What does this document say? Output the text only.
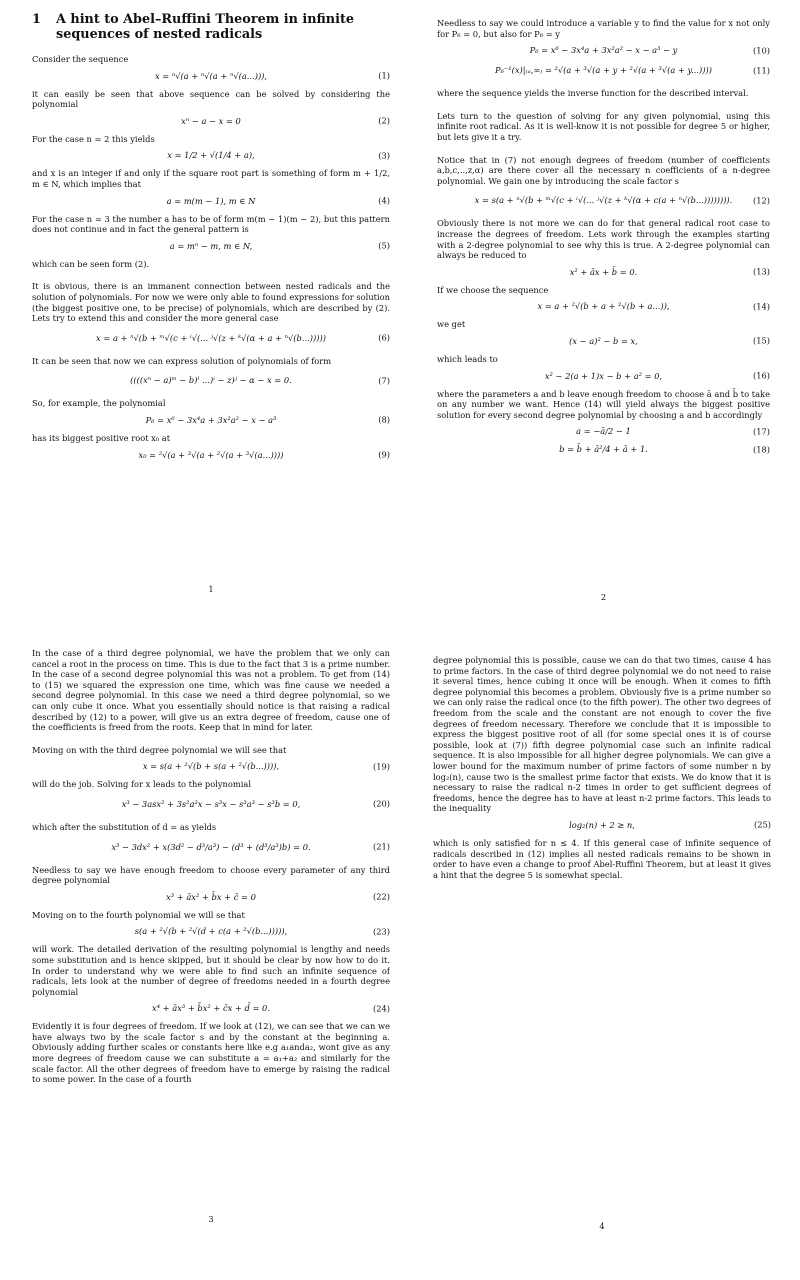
1	A hint to Abel–Ruffini Theorem in infinite sequences of nested radicals

Consider the sequence

x = ⁿ√(a + ⁿ√(a + ⁿ√(a...))),	(1)

it can easily be seen that above sequence can be solved by considering the polynomial

xⁿ − a − x = 0	(2)

For the case n = 2 this yields

x = 1/2 + √(1/4 + a),	(3)

and x is an integer if and only if the square root part is something of form m + 1/2, m ∈ N, which implies that

a = m(m − 1), m ∈ N	(4)

For the case n = 3 the number a has to be of form m(m − 1)(m − 2), but this pattern does not continue and in fact the general pattern is

a = mⁿ − m, m ∈ N,	(5)

which can be seen form (2).

It is obvious, there is an immanent connection between nested radicals and the solution of polynomials. For now we were only able to found expressions for solution (the biggest positive one, to be precise) of polynomials, which are described by (2). Lets try to extend this and consider the more general case

x = a + ⁿ√(b + ᵐ√(c + ⁱ√(... ʲ√(z + ᵏ√(α + a + ⁿ√(b...)))))	(6)

It can be seen that now we can express solution of polynomials of form

((((xⁿ − a)ᵐ − b)ˡ ...)ⁱ − z)ʲ − α − x = 0.	(7)

So, for example, the polynomial

P₆ = x⁶ − 3x⁴a + 3x²a² − x − a³	(8)

has its biggest positive root x₀ at

x₀ = ²√(a + ³√(a + ²√(a + ³√(a...))))	(9)
1

Needless to say we could introduce a variable y to find the value for x not only for P₆ = 0, but also for P₆ = y

P₆ = x⁶ − 3x⁴a + 3x²a² − x − a³ − y	(10)
P₆⁻¹(x)|₍ₐ,∞₎ = ²√(a + ³√(a + y + ²√(a + ³√(a + y...))))	(11)

where the sequence yields the inverse function for the described interval.

Lets turn to the question of solving for any given polynomial, using this infinite root radical. As it is well-know it is not possible for degree 5 or higher, but lets give it a try.

Notice that in (7) not enough degrees of freedom (number of coefficients a,b,c,..,z,α) are there cover all the necessary n coefficients of a n-degree polynomial. We gain one by introducing the scale factor s

x = s(a + ⁿ√(b + ᵐ√(c + ⁱ√(... ʲ√(z + ᵏ√(α + c(a + ⁿ√(b...)))))))). (12)

Obviously there is not more we can do for that general radical root case to increase the degrees of freedom. Lets work through the examples starting with a 2-degree polynomial to see why this is true. A 2-degree polynomial can always be reduced to

x² + āx + b̄ = 0.	(13)

If we choose the sequence

x = a + ²√(b + a + ²√(b + a...)),	(14)

we get

(x − a)² − b = x,	(15)

which leads to

x² − 2(a + 1)x − b + a² = 0,	(16)

where the parameters a and b leave enough freedom to choose ā and b̄ to take on any number we want. Hence (14) will yield always the biggest positive solution for every second degree polynomial by choosing a and b accordingly

a = −ā/2 − 1	(17)
b = b̄ + ā²/4 + ā + 1.	(18)
2

In the case of a third degree polynomial, we have the problem that we only can cancel a root in the process on time. This is due to the fact that 3 is a prime number. In the case of a second degree polynomial this was not a problem. To get from (14) to (15) we squared the expression one time, which was fine cause we needed a second degree polynomial. In this case we need a third degree polynomial, so we can only cube it once. What you essentially should notice is that raising a radical described by (12) to a power, will give us an extra degree of freedom, cause one of the coefficients is freed from the roots. Keep that in mind for later.

Moving on with the third degree polynomial we will see that

x = s(a + ²√(b + s(a + ²√(b...)))),	(19)

will do the job. Solving for x leads to the polynomial

x³ − 3asx² + 3s²a²x − s³x − s³a³ − s³b = 0,	(20)

which after the substitution of d = as yields

x³ − 3dx² + x(3d² − d³/a³) − (d³ + (d³/a³)b) = 0.	(21)

Needless to say we have enough freedom to choose every parameter of any third degree polynomial

x³ + āx² + b̄x + c̄ = 0	(22)

Moving on to the fourth polynomial we will se that

s(a + ²√(b + ²√(d + c(a + ²√(b...))))),	(23)

will work. The detailed derivation of the resulting polynomial is lengthy and needs some substitution and is hence skipped, but it should be clear by now how to do it. In order to understand why we were able to find such an infinite sequence of radicals, lets look at the number of degree of freedoms needed in a fourth degree polynomial

x⁴ + āx³ + b̄x² + c̄x + d̄ = 0.	(24)

Evidently it is four degrees of freedom. If we look at (12), we can see that we can we have always two by the scale factor s and by the constant at the beginning a. Obviously adding further scales or constants here like e.g a₁anda₂, wont give as any more degrees of freedom cause we can substitute a = a₁+a₂ and similarly for the scale factor. All the other degrees of freedom have to emerge by raising the radical to some power. In the case of a fourth

3

degree polynomial this is possible, cause we can do that two times, cause 4 has to prime factors. In the case of third degree polynomial we do not need to raise it several times, hence cubing it once will be enough. When it comes to fifth degree polynomial this becomes a problem. Obviously five is a prime number so we can only raise the radical once (to the fifth power). The other two degrees of freedom from the scale and the constant are not enough to cover the five degrees of freedom necessary. Therefore we conclude that it is impossible to express the biggest positive root of all (for some special ones it is of course possible, look at (7)) fifth degree polynomial case such an infinite radical sequence. It is also impossible for all higher degree polynomials. We can give a lower bound for the maximum number of prime factors of some number n by log₂(n), cause two is the smallest prime factor that exists. We do know that it is necessary to raise the radical n-2 times in order to get sufficient degrees of freedoms, hence the degree has to have at least n-2 prime factors. This leads to the inequality

log₂(n) + 2 ≥ n,	(25)

which is only satisfied for n ≤ 4. If this general case of infinite sequence of radicals described in (12) implies all nested radicals remains to be shown in order to have even a change to proof Abel-Ruffini Theorem, but at least it gives a hint that the degree 5 is somewhat special.

4
